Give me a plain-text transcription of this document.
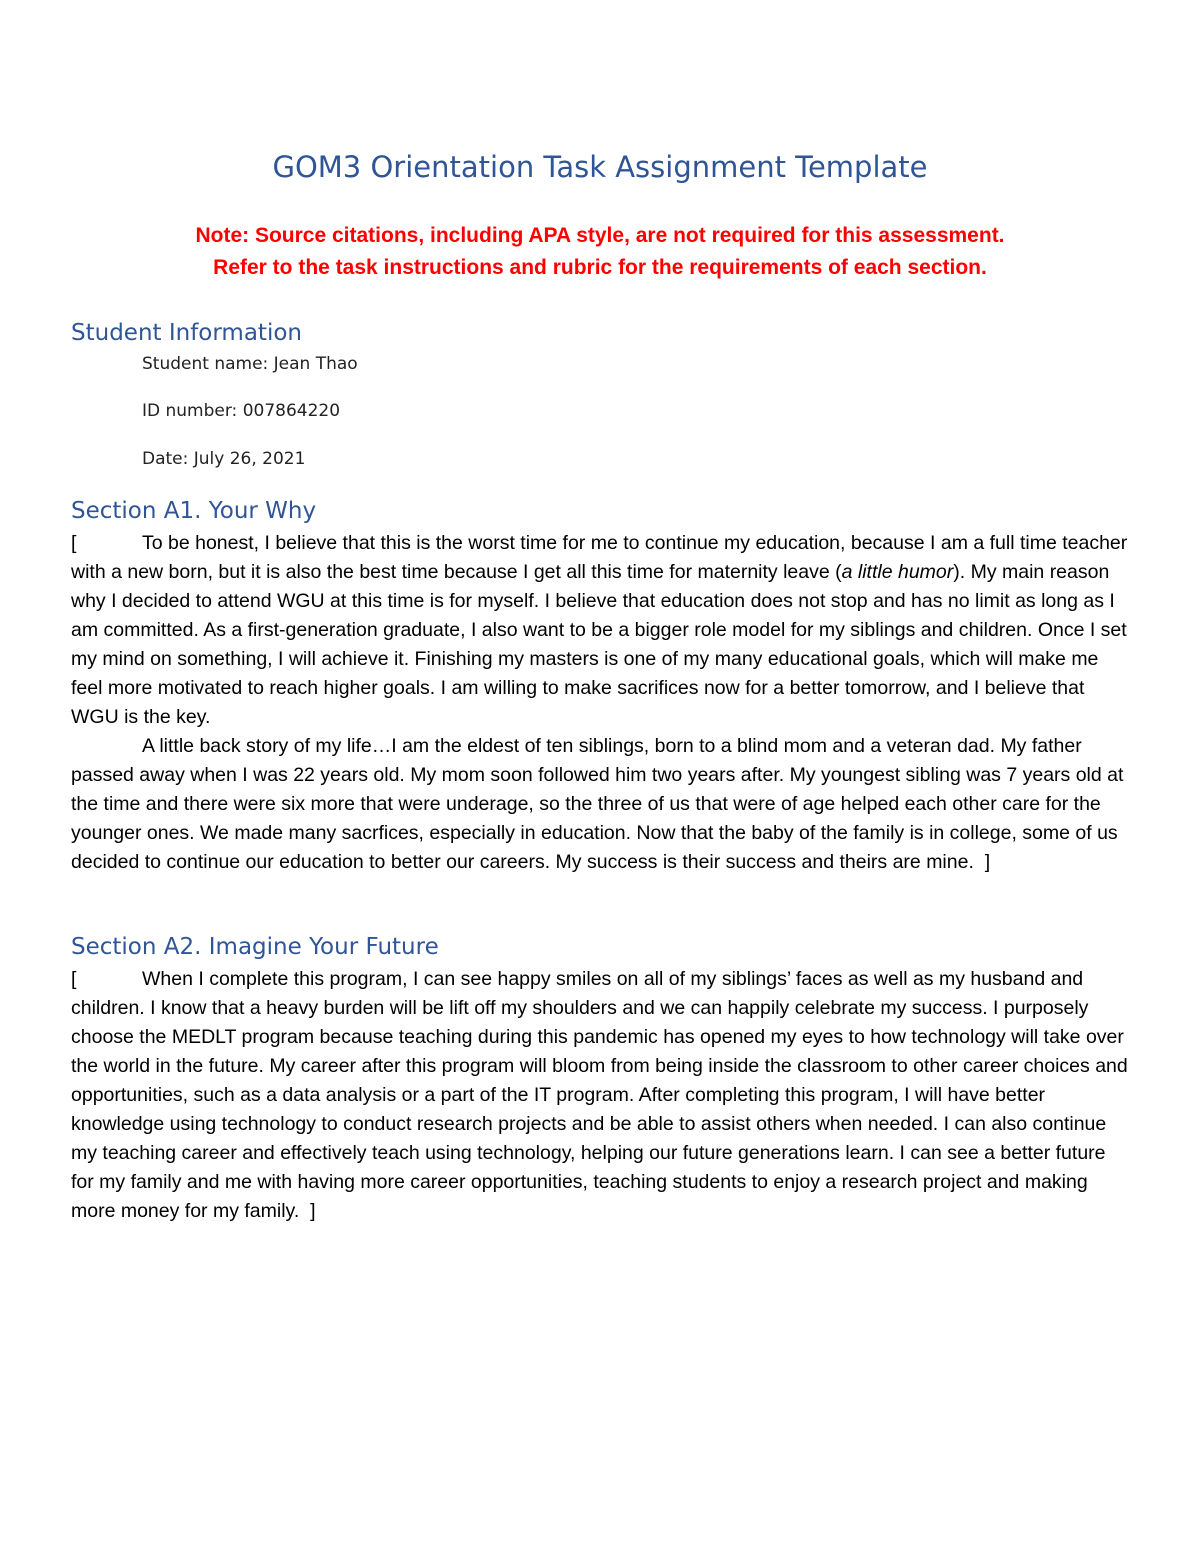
GOM3 Orientation Task Assignment Template

Note: Source citations, including APA style, are not required for this assessment.

Refer to the task instructions and rubric for the requirements of each section.

Student Information

Student name: Jean Thao

ID number: 007864220

Date: July 26, 2021

Section A1. Your Why

[	To be honest, I believe that this is the worst time for me to continue my education, because I am a full time teacher with a new born, but it is also the best time because I get all this time for maternity leave (a little humor). My main reason why I decided to attend WGU at this time is for myself. I believe that education does not stop and has no limit as long as I am committed. As a first-generation graduate, I also want to be a bigger role model for my siblings and children. Once I set my mind on something, I will achieve it. Finishing my masters is one of my many educational goals, which will make me feel more motivated to reach higher goals. I am willing to make sacrifices now for a better tomorrow, and I believe that WGU is the key.

A little back story of my life…I am the eldest of ten siblings, born to a blind mom and a veteran dad. My father passed away when I was 22 years old. My mom soon followed him two years after. My youngest sibling was 7 years old at the time and there were six more that were underage, so the three of us that were of age helped each other care for the younger ones. We made many sacrfices, especially in education. Now that the baby of the family is in college, some of us decided to continue our education to better our careers. My success is their success and theirs are mine. ]

Section A2. Imagine Your Future

[	When I complete this program, I can see happy smiles on all of my siblings’ faces as well as my husband and children. I know that a heavy burden will be lift off my shoulders and we can happily celebrate my success. I purposely choose the MEDLT program because teaching during this pandemic has opened my eyes to how technology will take over the world in the future. My career after this program will bloom from being inside the classroom to other career choices and opportunities, such as a data analysis or a part of the IT program. After completing this program, I will have better knowledge using technology to conduct research projects and be able to assist others when needed. I can also continue my teaching career and effectively teach using technology, helping our future generations learn. I can see a better future for my family and me with having more career opportunities, teaching students to enjoy a research project and making more money for my family. ]
